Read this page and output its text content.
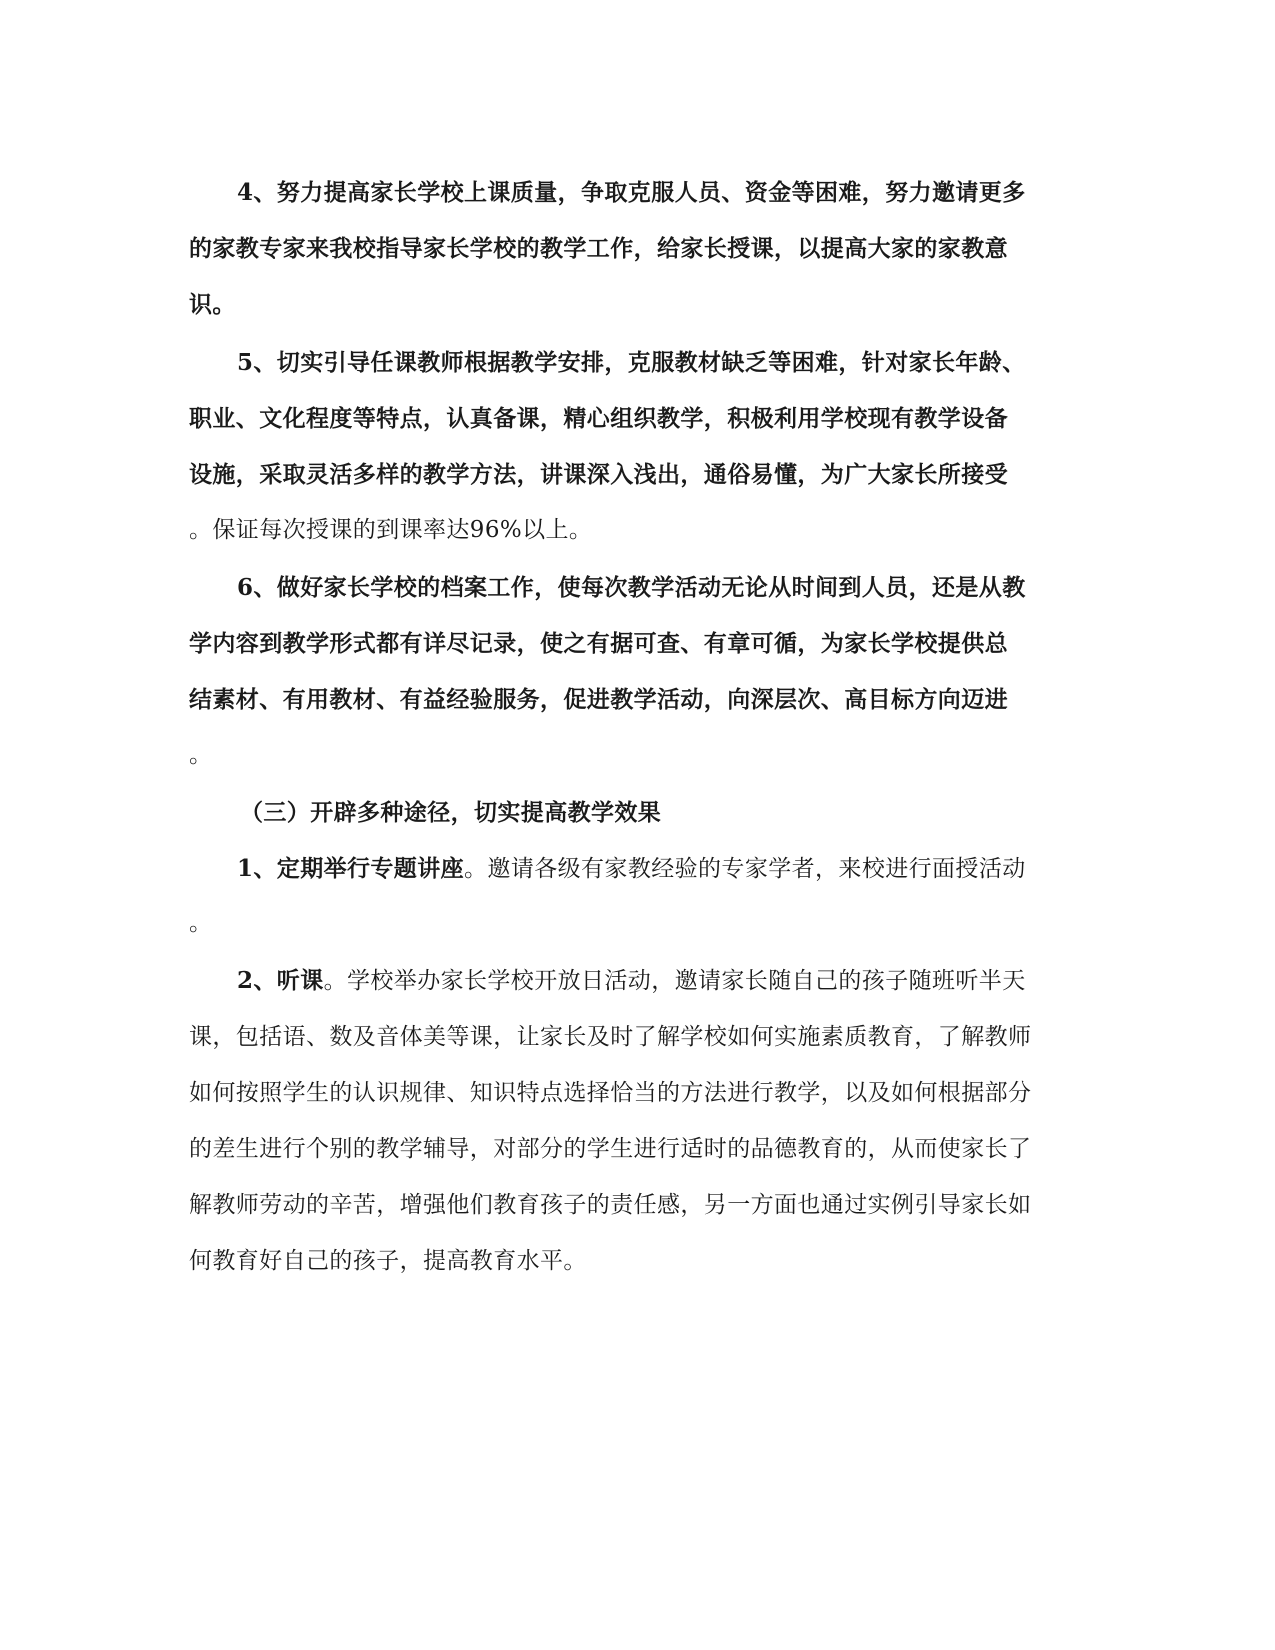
4、努力提高家长学校上课质量，争取克服人员、资金等困难，努力邀请更多
的家教专家来我校指导家长学校的教学工作，给家长授课，以提高大家的家教意
识。
5、切实引导任课教师根据教学安排，克服教材缺乏等困难，针对家长年龄、
职业、文化程度等特点，认真备课，精心组织教学，积极利用学校现有教学设备
设施，采取灵活多样的教学方法，讲课深入浅出，通俗易懂，为广大家长所接受
。保证每次授课的到课率达96%以上。
6、做好家长学校的档案工作，使每次教学活动无论从时间到人员，还是从教
学内容到教学形式都有详尽记录，使之有据可查、有章可循，为家长学校提供总
结素材、有用教材、有益经验服务，促进教学活动，向深层次、高目标方向迈进
。
（三）开辟多种途径，切实提高教学效果
1、定期举行专题讲座。邀请各级有家教经验的专家学者，来校进行面授活动
。
2、听课。学校举办家长学校开放日活动，邀请家长随自己的孩子随班听半天
课，包括语、数及音体美等课，让家长及时了解学校如何实施素质教育，了解教师
如何按照学生的认识规律、知识特点选择恰当的方法进行教学，以及如何根据部分
的差生进行个别的教学辅导，对部分的学生进行适时的品德教育的，从而使家长了
解教师劳动的辛苦，增强他们教育孩子的责任感，另一方面也通过实例引导家长如
何教育好自己的孩子，提高教育水平。
